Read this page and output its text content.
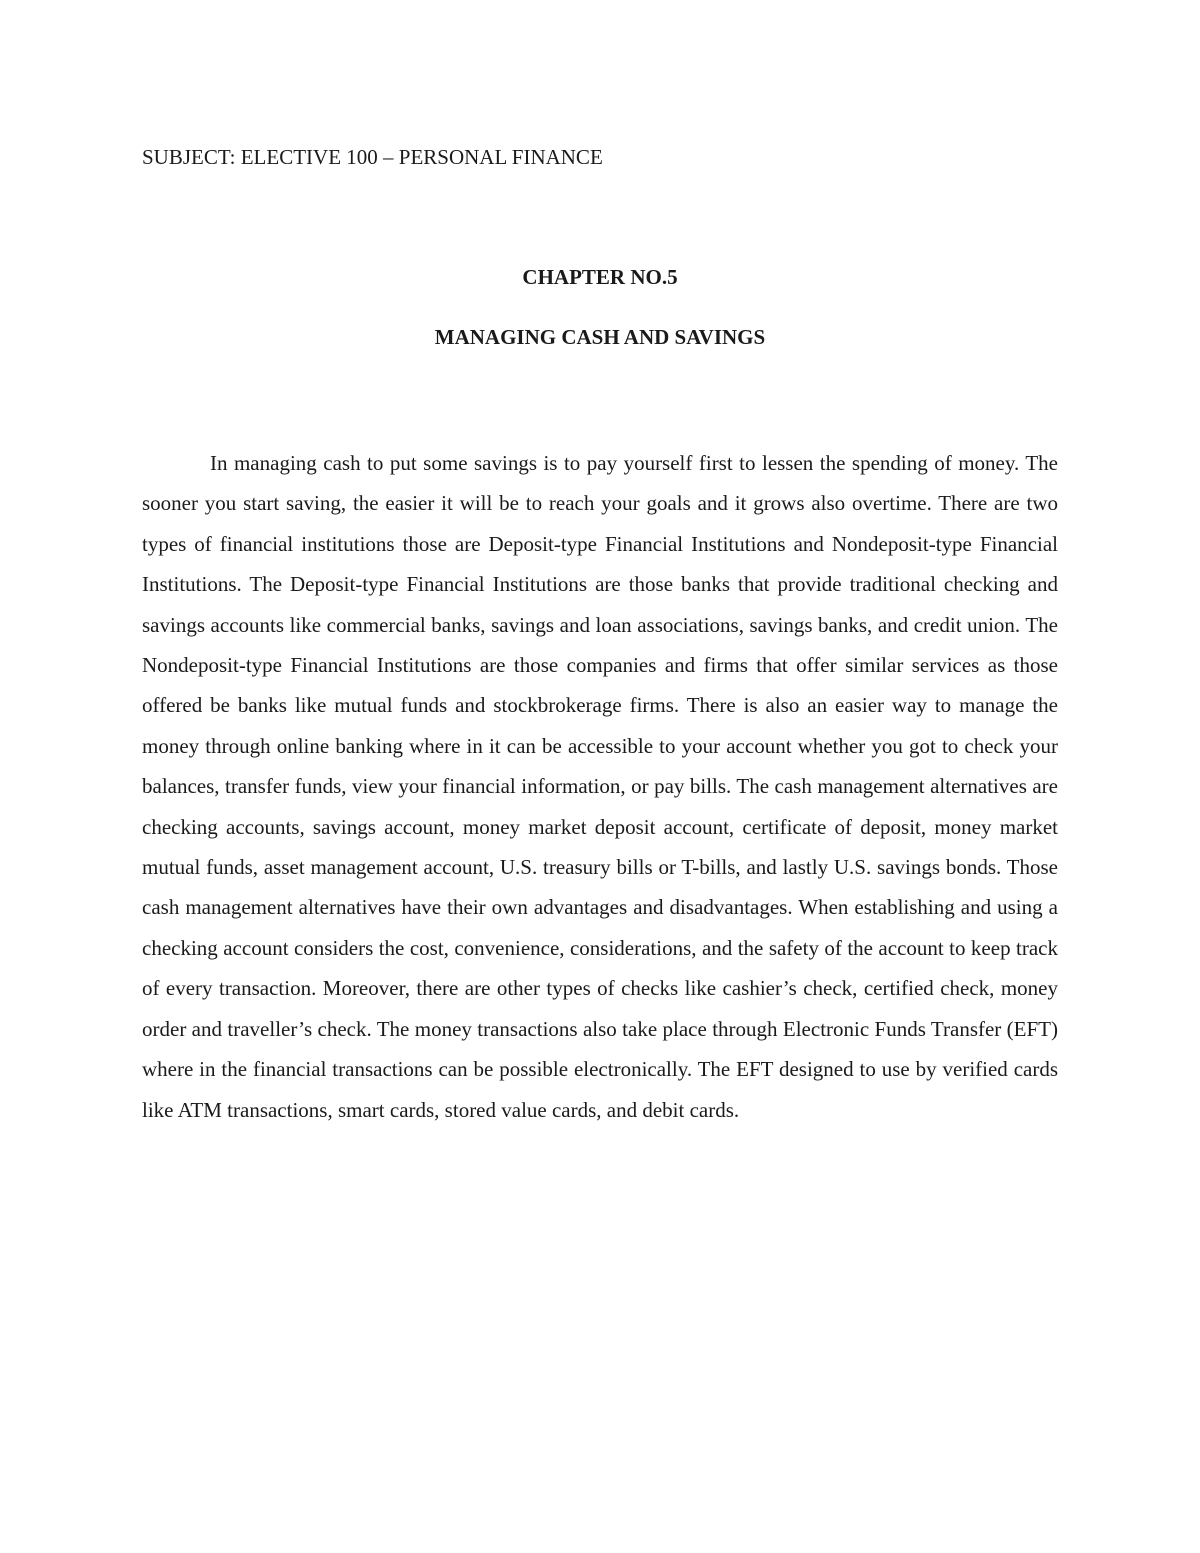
SUBJECT: ELECTIVE 100 – PERSONAL FINANCE
CHAPTER NO.5
MANAGING CASH AND SAVINGS

In managing cash to put some savings is to pay yourself first to lessen the spending of money. The sooner you start saving, the easier it will be to reach your goals and it grows also overtime. There are two types of financial institutions those are Deposit-type Financial Institutions and Nondeposit-type Financial Institutions. The Deposit-type Financial Institutions are those banks that provide traditional checking and savings accounts like commercial banks, savings and loan associations, savings banks, and credit union. The Nondeposit-type Financial Institutions are those companies and firms that offer similar services as those offered be banks like mutual funds and stockbrokerage firms. There is also an easier way to manage the money through online banking where in it can be accessible to your account whether you got to check your balances, transfer funds, view your financial information, or pay bills. The cash management alternatives are checking accounts, savings account, money market deposit account, certificate of deposit, money market mutual funds, asset management account, U.S. treasury bills or T-bills, and lastly U.S. savings bonds. Those cash management alternatives have their own advantages and disadvantages. When establishing and using a checking account considers the cost, convenience, considerations, and the safety of the account to keep track of every transaction. Moreover, there are other types of checks like cashier’s check, certified check, money order and traveller’s check. The money transactions also take place through Electronic Funds Transfer (EFT) where in the financial transactions can be possible electronically. The EFT designed to use by verified cards like ATM transactions, smart cards, stored value cards, and debit cards.
